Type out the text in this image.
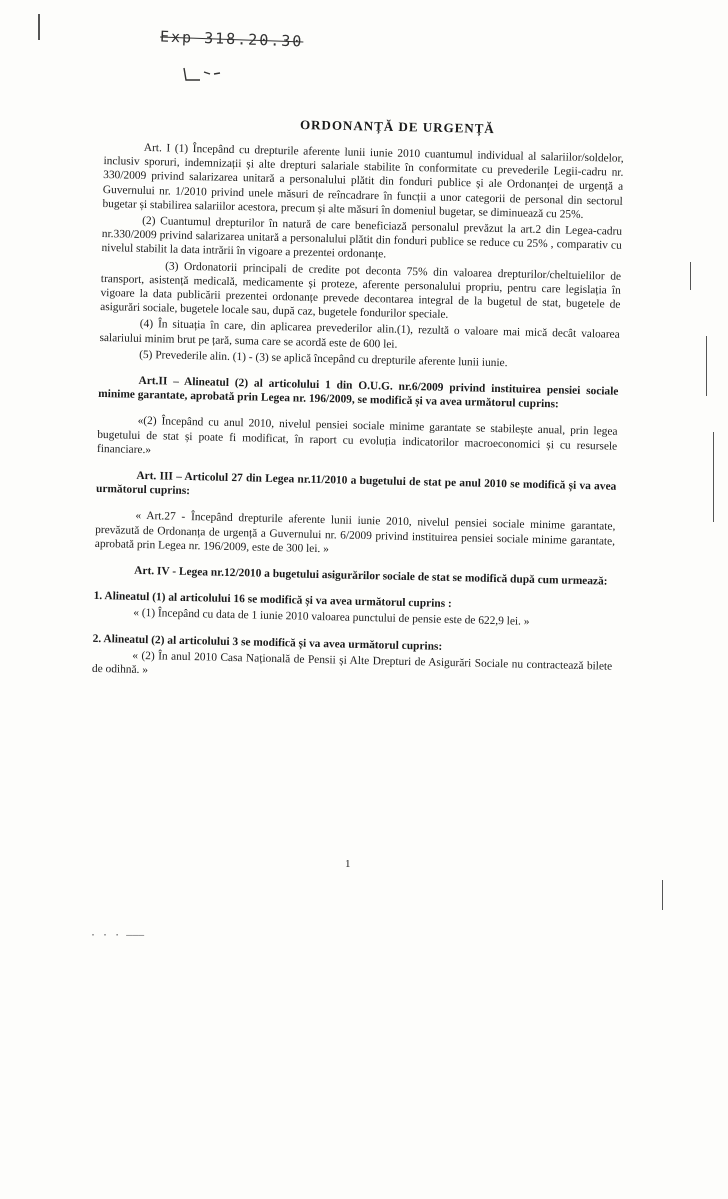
Exp 318.20.30
ORDONANȚĂ DE URGENȚĂ

Art. I (1) Începând cu drepturile aferente lunii iunie 2010 cuantumul individual al salariilor/soldelor, inclusiv sporuri, indemnizații și alte drepturi salariale stabilite în conformitate cu prevederile Legii-cadru nr. 330/2009 privind salarizarea unitară a personalului plătit din fonduri publice și ale Ordonanței de urgență a Guvernului nr. 1/2010 privind unele măsuri de reîncadrare în funcții a unor categorii de personal din sectorul bugetar și stabilirea salariilor acestora, precum și alte măsuri în domeniul bugetar, se diminuează cu 25%.

(2) Cuantumul drepturilor în natură de care beneficiază personalul prevăzut la art.2 din Legea-cadru nr.330/2009 privind salarizarea unitară a personalului plătit din fonduri publice se reduce cu 25% , comparativ cu nivelul stabilit la data intrării în vigoare a prezentei ordonanțe.

(3) Ordonatorii principali de credite pot deconta 75% din valoarea drepturilor/cheltuielilor de transport, asistență medicală, medicamente și proteze, aferente personalului propriu, pentru care legislația în vigoare la data publicării prezentei ordonanțe prevede decontarea integral de la bugetul de stat, bugetele de asigurări sociale, bugetele locale sau, după caz, bugetele fondurilor speciale.

(4) În situația în care, din aplicarea prevederilor alin.(1), rezultă o valoare mai mică decât valoarea salariului minim brut pe țară, suma care se acordă este de 600 lei.

(5) Prevederile alin. (1) - (3) se aplică începând cu drepturile aferente lunii iunie.

Art.II – Alineatul (2) al articolului 1 din O.U.G. nr.6/2009 privind instituirea pensiei sociale minime garantate, aprobată prin Legea nr. 196/2009, se modifică și va avea următorul cuprins:

«(2) Începând cu anul 2010, nivelul pensiei sociale minime garantate se stabilește anual, prin legea bugetului de stat și poate fi modificat, în raport cu evoluția indicatorilor macroeconomici și cu resursele financiare.»

Art. III – Articolul 27 din Legea nr.11/2010 a bugetului de stat pe anul 2010 se modifică și va avea următorul cuprins:

« Art.27 - Începând drepturile aferente lunii iunie 2010, nivelul pensiei sociale minime garantate, prevăzută de Ordonanța de urgență a Guvernului nr. 6/2009 privind instituirea pensiei sociale minime garantate, aprobată prin Legea nr. 196/2009, este de 300 lei. »

Art. IV - Legea nr.12/2010 a bugetului asigurărilor sociale de stat se modifică după cum urmează:

1. Alineatul (1) al articolului 16 se modifică și va avea următorul cuprins :

« (1) Începând cu data de 1 iunie 2010 valoarea punctului de pensie este de 622,9 lei. »

2. Alineatul (2) al articolului 3 se modifică și va avea următorul cuprins:

« (2) În anul 2010 Casa Națională de Pensii și Alte Drepturi de Asigurări Sociale nu contractează bilete de odihnă. »

1
· · · ———
